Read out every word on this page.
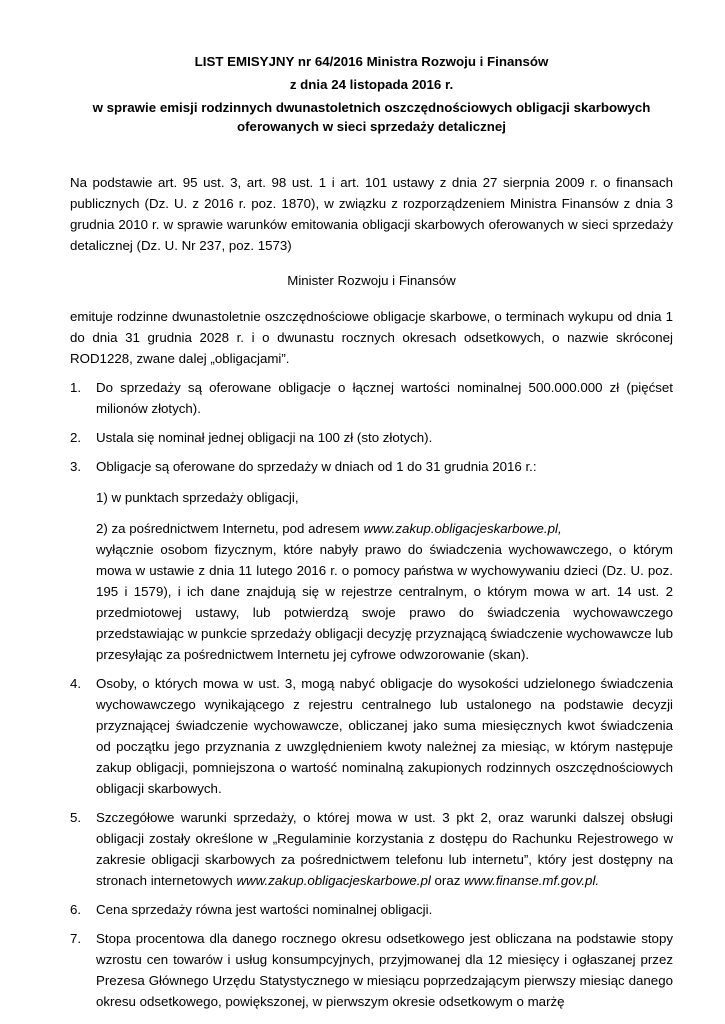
LIST EMISYJNY nr 64/2016 Ministra Rozwoju i Finansów
z dnia 24 listopada 2016 r.
w sprawie emisji rodzinnych dwunastoletnich oszczędnościowych obligacji skarbowych
oferowanych w sieci sprzedaży detalicznej

Na podstawie art. 95 ust. 3, art. 98 ust. 1 i art. 101 ustawy z dnia 27 sierpnia 2009 r. o finansach publicznych (Dz. U. z 2016 r. poz. 1870), w związku z rozporządzeniem Ministra Finansów z dnia 3 grudnia 2010 r. w sprawie warunków emitowania obligacji skarbowych oferowanych w sieci sprzedaży detalicznej (Dz. U. Nr 237, poz. 1573)

Minister Rozwoju i Finansów

emituje rodzinne dwunastoletnie oszczędnościowe obligacje skarbowe, o terminach wykupu od dnia 1 do dnia 31 grudnia 2028 r. i o dwunastu rocznych okresach odsetkowych, o nazwie skróconej ROD1228, zwane dalej „obligacjami”.

1. Do sprzedaży są oferowane obligacje o łącznej wartości nominalnej 500.000.000 zł (pięćset milionów złotych).
2. Ustala się nominał jednej obligacji na 100 zł (sto złotych).
3. Obligacje są oferowane do sprzedaży w dniach od 1 do 31 grudnia 2016 r.:
1) w punktach sprzedaży obligacji,
2) za pośrednictwem Internetu, pod adresem www.zakup.obligacjeskarbowe.pl,
wyłącznie osobom fizycznym, które nabyły prawo do świadczenia wychowawczego, o którym mowa w ustawie z dnia 11 lutego 2016 r. o pomocy państwa w wychowywaniu dzieci (Dz. U. poz. 195 i 1579), i ich dane znajdują się w rejestrze centralnym, o którym mowa w art. 14 ust. 2 przedmiotowej ustawy, lub potwierdzą swoje prawo do świadczenia wychowawczego przedstawiając w punkcie sprzedaży obligacji decyzję przyznającą świadczenie wychowawcze lub przesyłając za pośrednictwem Internetu jej cyfrowe odwzorowanie (skan).
4. Osoby, o których mowa w ust. 3, mogą nabyć obligacje do wysokości udzielonego świadczenia wychowawczego wynikającego z rejestru centralnego lub ustalonego na podstawie decyzji przyznającej świadczenie wychowawcze, obliczanej jako suma miesięcznych kwot świadczenia od początku jego przyznania z uwzględnieniem kwoty należnej za miesiąc, w którym następuje zakup obligacji, pomniejszona o wartość nominalną zakupionych rodzinnych oszczędnościowych obligacji skarbowych.
5. Szczegółowe warunki sprzedaży, o której mowa w ust. 3 pkt 2, oraz warunki dalszej obsługi obligacji zostały określone w „Regulaminie korzystania z dostępu do Rachunku Rejestrowego w zakresie obligacji skarbowych za pośrednictwem telefonu lub internetu”, który jest dostępny na stronach internetowych www.zakup.obligacjeskarbowe.pl oraz www.finanse.mf.gov.pl.
6. Cena sprzedaży równa jest wartości nominalnej obligacji.
7. Stopa procentowa dla danego rocznego okresu odsetkowego jest obliczana na podstawie stopy wzrostu cen towarów i usług konsumpcyjnych, przyjmowanej dla 12 miesięcy i ogłaszanej przez Prezesa Głównego Urzędu Statystycznego w miesiącu poprzedzającym pierwszy miesiąc danego okresu odsetkowego, powiększonej, w pierwszym okresie odsetkowym o marżę
